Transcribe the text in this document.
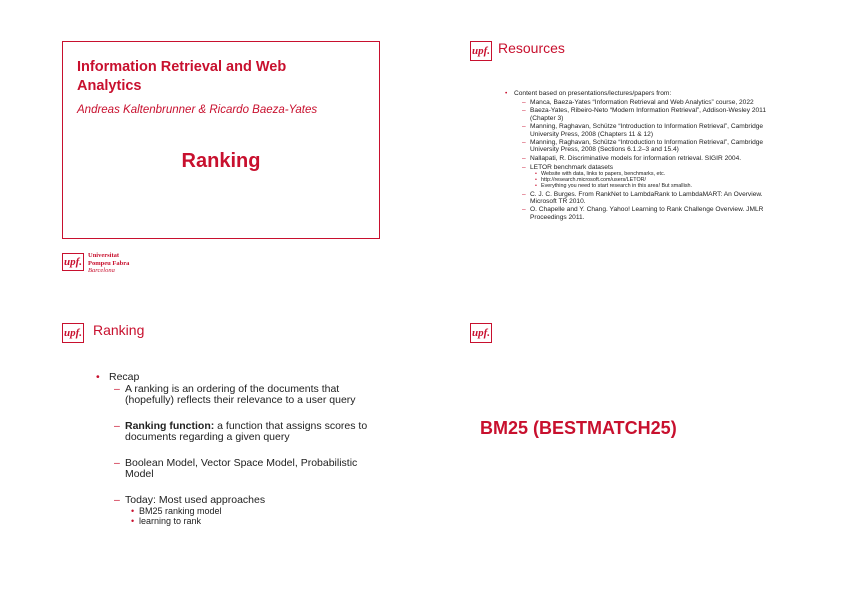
Information Retrieval and Web Analytics
Andreas Kaltenbrunner & Ricardo Baeza-Yates
Ranking
upf. Universitat
Pompeu Fabra
Barcelona
upf. Resources
• Content based on presentations/lectures/papers from:
– Manca, Baeza-Yates “Information Retrieval and Web Analytics” course, 2022
– Baeza-Yates, Ribeiro-Neto “Modern Information Retrieval”, Addison-Wesley 2011 (Chapter 3)
– Manning, Raghavan, Schütze “Introduction to Information Retrieval”, Cambridge University Press, 2008 (Chapters 11 & 12)
– Manning, Raghavan, Schütze “Introduction to Information Retrieval”, Cambridge University Press, 2008 (Sections 6.1.2–3 and 15.4)
– Nallapati, R. Discriminative models for information retrieval. SIGIR 2004.
– LETOR benchmark datasets
• Website with data, links to papers, benchmarks, etc.
• http://research.microsoft.com/users/LETOR/
• Everything you need to start research in this area! But smallish.
– C. J. C. Burges. From RankNet to LambdaRank to LambdaMART: An Overview. Microsoft TR 2010.
– O. Chapelle and Y. Chang. Yahoo! Learning to Rank Challenge Overview. JMLR Proceedings 2011.
upf. Ranking
• Recap
– A ranking is an ordering of the documents that (hopefully) reflects their relevance to a user query
– Ranking function: a function that assigns scores to documents regarding a given query
– Boolean Model, Vector Space Model, Probabilistic Model
– Today: Most used approaches
• BM25 ranking model
• learning to rank
upf.
BM25 (BESTMATCH25)
